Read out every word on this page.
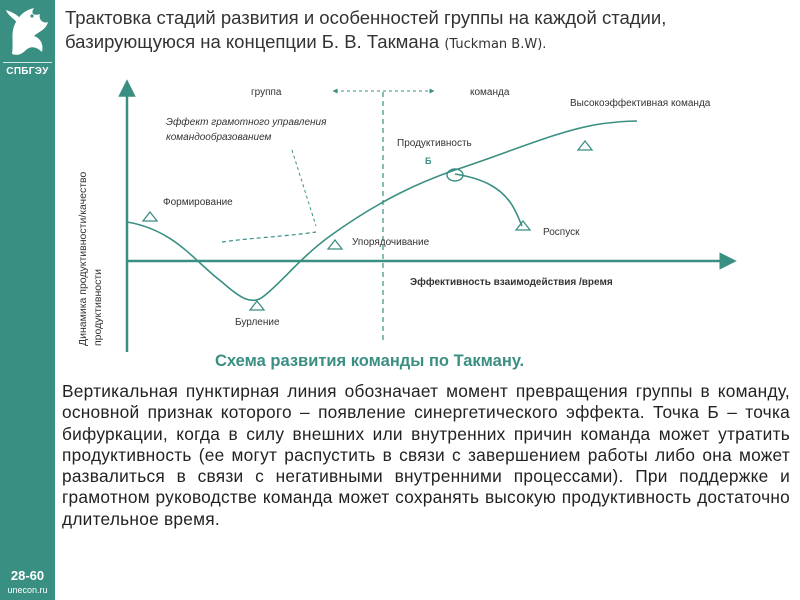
СПБГЭУ
28-60
unecon.ru
Трактовка стадий развития и особенностей группы на каждой стадии, базирующуюся на концепции Б. В. Такмана (Tuckman B.W).
Динамика продуктивности/качество продуктивности	Эффективность взаимодействия /время
группа	команда
Высокоэффективная команда
Эффект грамотного управления
командообразованием
Продуктивность
Б
Формирование
Упорядочивание
Бурление
Роспуск
Схема развития команды по Такману.
Вертикальная пунктирная линия обозначает момент превращения группы в команду, основной признак которого – появление синергетического эффекта. Точка Б – точка бифуркации, когда в силу внешних или внутренних причин команда может утратить продуктивность (ее могут распустить в связи с завершением работы либо она может развалиться в связи с негативными внутренними процессами). При поддержке и грамотном руководстве команда может сохранять высокую продуктивность достаточно длительное время.
